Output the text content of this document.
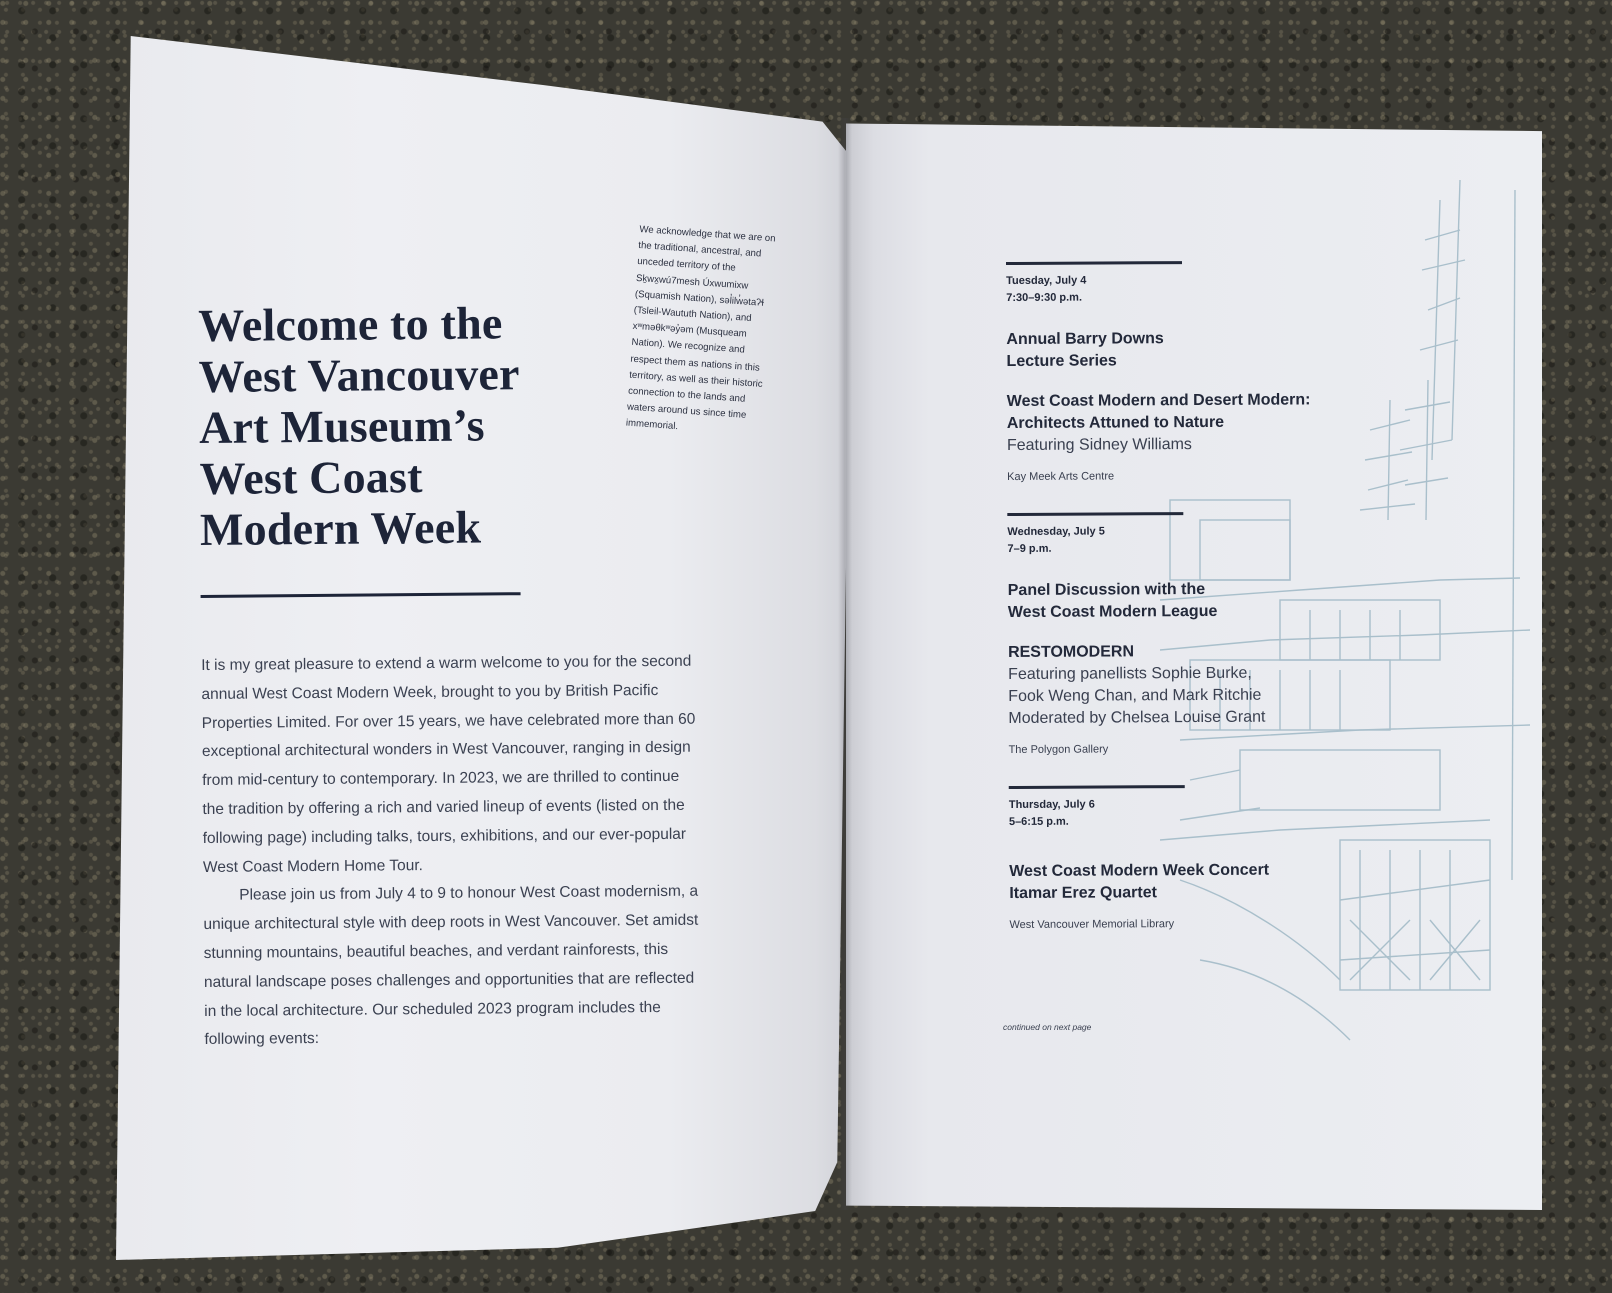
We acknowledge that we are on the traditional, ancestral, and unceded territory of the Sḵwx̱wú7mesh Úxwumixw (Squamish Nation), səl̓ilw̓ətaʔɬ (Tsleil-Waututh Nation), and xʷməθkʷəy̓əm (Musqueam Nation). We recognize and respect them as nations in this territory, as well as their historic connection to the lands and waters around us since time immemorial.
Welcome to the
West Vancouver
Art Museum’s
West Coast
Modern Week

It is my great pleasure to extend a warm welcome to you for the second annual West Coast Modern Week, brought to you by British Pacific Properties Limited. For over 15 years, we have celebrated more than 60 exceptional architectural wonders in West Vancouver, ranging in design from mid-century to contemporary. In 2023, we are thrilled to continue the tradition by offering a rich and varied lineup of events (listed on the following page) including talks, tours, exhibitions, and our ever-popular West Coast Modern Home Tour.

Please join us from July 4 to 9 to honour West Coast modernism, a unique architectural style with deep roots in West Vancouver. Set amidst stunning mountains, beautiful beaches, and verdant rainforests, this natural landscape poses challenges and opportunities that are reflected in the local architecture. Our scheduled 2023 program includes the following events:

Tuesday, July 4
7:30–9:30 p.m.
Annual Barry Downs
Lecture Series
West Coast Modern and Desert Modern:
Architects Attuned to Nature
Featuring Sidney Williams
Kay Meek Arts Centre
Wednesday, July 5
7–9 p.m.
Panel Discussion with the
West Coast Modern League
RESTOMODERN
Featuring panellists Sophie Burke,
Fook Weng Chan, and Mark Ritchie
Moderated by Chelsea Louise Grant
The Polygon Gallery
Thursday, July 6
5–6:15 p.m.
West Coast Modern Week Concert
Itamar Erez Quartet
West Vancouver Memorial Library
continued on next page
